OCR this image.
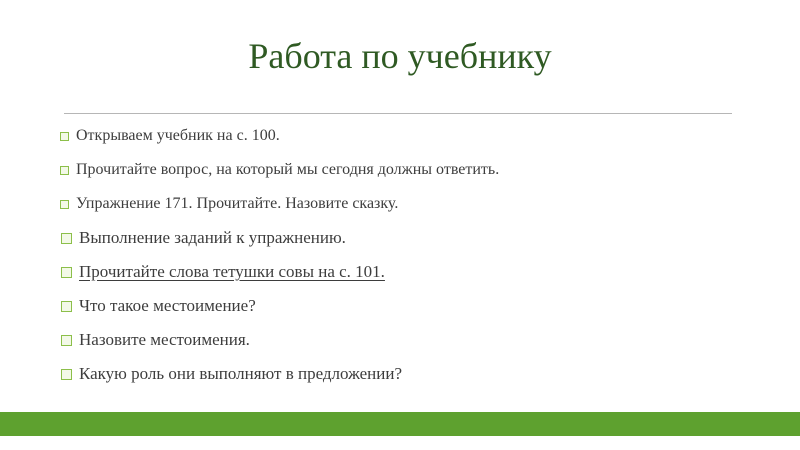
Работа по учебнику
Открываем учебник на с. 100.
Прочитайте вопрос, на который мы сегодня должны ответить.
Упражнение 171. Прочитайте. Назовите сказку.
Выполнение заданий к упражнению.
Прочитайте слова тетушки совы на с. 101.
Что такое местоимение?
Назовите местоимения.
Какую роль они выполняют в предложении?
